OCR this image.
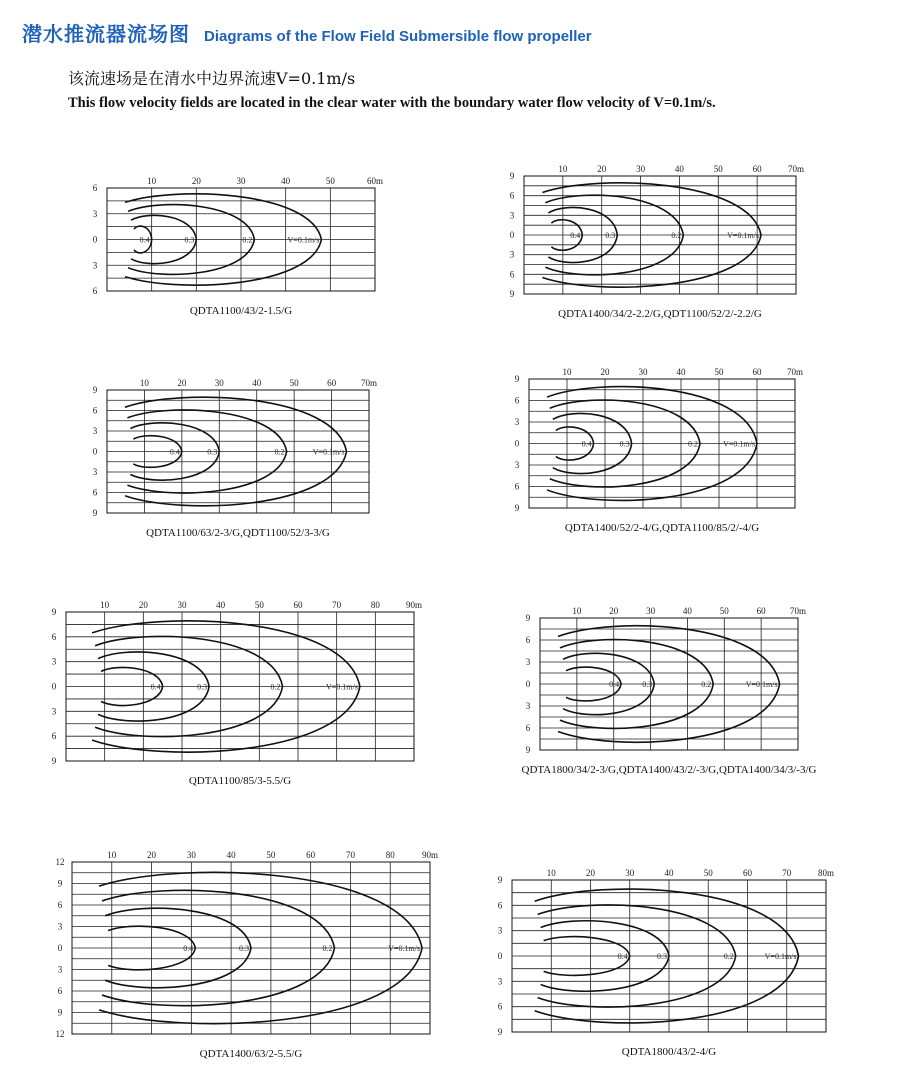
潜水推流器流场图 Diagrams of the Flow Field Submersible flow propeller
该流速场是在清水中边界流速V=0.1m/s
This flow velocity fields are located in the clear water with the boundary water flow velocity of V=0.1m/s.
10	20	30	40	50	60m
6
3
0
3
6
0.4	0.3	0.2	V=0.1m/s
QDTA1100/43/2-1.5/G
10	20	30	40	50	60	70m
9
6
3
0
3
6
9
0.4	0.3	0.2	V=0.1m/s
QDTA1400/34/2-2.2/G,QDT1100/52/2/-2.2/G
10	20	30	40	50	60	70m
9
6
3
0
3
6
9
0.4	0.3	0.2	V=0.1m/s
QDTA1100/63/2-3/G,QDT1100/52/3-3/G
10	20	30	40	50	60	70m
9
6
3
0
3
6
9
0.4	0.3	0.2	V=0.1m/s
QDTA1400/52/2-4/G,QDTA1100/85/2/-4/G
10	20	30	40	50	60	70	80	90m
9
6
3
0
3
6
9
0.4	0.3	0.2	V=0.1m/s
QDTA1100/85/3-5.5/G
10	20	30	40	50	60	70m
9
6
3
0
3
6
9
0.4	0.3	0.2	V=0.1m/s
QDTA1800/34/2-3/G,QDTA1400/43/2/-3/G,QDTA1400/34/3/-3/G
10	20	30	40	50	60	70	80	90m
12
9
6
3
0
3
6
9
12
0.4	0.3	0.2	V=0.1m/s
QDTA1400/63/2-5.5/G
10	20	30	40	50	60	70	80m
9
6
3
0
3
6
9
0.4	0.3	0.2	V=0.1m/s
QDTA1800/43/2-4/G
